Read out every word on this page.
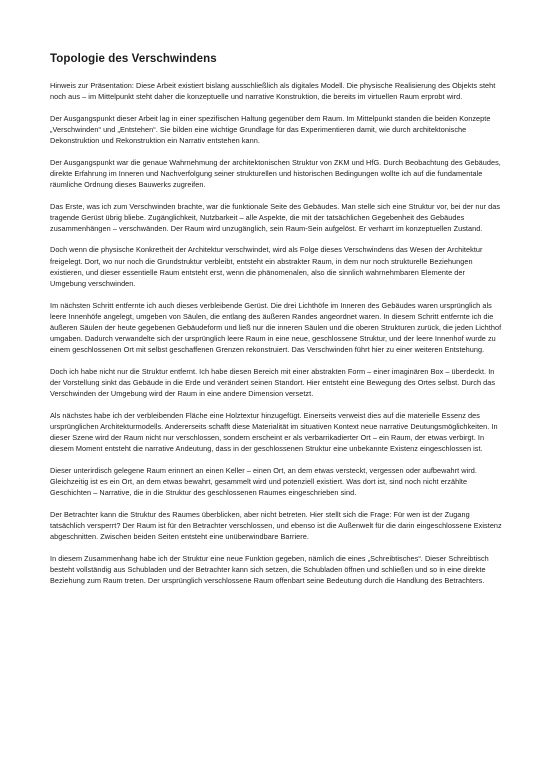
Topologie des Verschwindens

Hinweis zur Präsentation: Diese Arbeit existiert bislang ausschließlich als digitales Modell. Die physische Realisierung des Objekts steht noch aus – im Mittelpunkt steht daher die konzeptuelle und narrative Konstruktion, die bereits im virtuellen Raum erprobt wird.

Der Ausgangspunkt dieser Arbeit lag in einer spezifischen Haltung gegenüber dem Raum. Im Mittelpunkt standen die beiden Konzepte „Verschwinden“ und „Entstehen“. Sie bilden eine wichtige Grundlage für das Experimentieren damit, wie durch architektonische Dekonstruktion und Rekonstruktion ein Narrativ entstehen kann.

Der Ausgangspunkt war die genaue Wahrnehmung der architektonischen Struktur von ZKM und HfG. Durch Beobachtung des Gebäudes, direkte Erfahrung im Inneren und Nachverfolgung seiner strukturellen und historischen Bedingungen wollte ich auf die fundamentale räumliche Ordnung dieses Bauwerks zugreifen.

Das Erste, was ich zum Verschwinden brachte, war die funktionale Seite des Gebäudes. Man stelle sich eine Struktur vor, bei der nur das tragende Gerüst übrig bliebe. Zugänglichkeit, Nutzbarkeit – alle Aspekte, die mit der tatsächlichen Gegebenheit des Gebäudes zusammenhängen – verschwänden. Der Raum wird unzugänglich, sein Raum-Sein aufgelöst. Er verharrt im konzeptuellen Zustand.

Doch wenn die physische Konkretheit der Architektur verschwindet, wird als Folge dieses Verschwindens das Wesen der Architektur freigelegt. Dort, wo nur noch die Grundstruktur verbleibt, entsteht ein abstrakter Raum, in dem nur noch strukturelle Beziehungen existieren, und dieser essentielle Raum entsteht erst, wenn die phänomenalen, also die sinnlich wahrnehmbaren Elemente der Umgebung verschwinden.

Im nächsten Schritt entfernte ich auch dieses verbleibende Gerüst. Die drei Lichthöfe im Inneren des Gebäudes waren ursprünglich als leere Innenhöfe angelegt, umgeben von Säulen, die entlang des äußeren Randes angeordnet waren. In diesem Schritt entfernte ich die äußeren Säulen der heute gegebenen Gebäudeform und ließ nur die inneren Säulen und die oberen Strukturen zurück, die jeden Lichthof umgaben. Dadurch verwandelte sich der ursprünglich leere Raum in eine neue, geschlossene Struktur, und der leere Innenhof wurde zu einem geschlossenen Ort mit selbst geschaffenen Grenzen rekonstruiert. Das Verschwinden führt hier zu einer weiteren Entstehung.

Doch ich habe nicht nur die Struktur entfernt. Ich habe diesen Bereich mit einer abstrakten Form – einer imaginären Box – überdeckt. In der Vorstellung sinkt das Gebäude in die Erde und verändert seinen Standort. Hier entsteht eine Bewegung des Ortes selbst. Durch das Verschwinden der Umgebung wird der Raum in eine andere Dimension versetzt.

Als nächstes habe ich der verbleibenden Fläche eine Holztextur hinzugefügt. Einerseits verweist dies auf die materielle Essenz des ursprünglichen Architekturmodells. Andererseits schafft diese Materialität im situativen Kontext neue narrative Deutungsmöglichkeiten. In dieser Szene wird der Raum nicht nur verschlossen, sondern erscheint er als verbarrikadierter Ort – ein Raum, der etwas verbirgt. In diesem Moment entsteht die narrative Andeutung, dass in der geschlossenen Struktur eine unbekannte Existenz eingeschlossen ist.

Dieser unterirdisch gelegene Raum erinnert an einen Keller – einen Ort, an dem etwas versteckt, vergessen oder aufbewahrt wird. Gleichzeitig ist es ein Ort, an dem etwas bewahrt, gesammelt wird und potenziell existiert. Was dort ist, sind noch nicht erzählte Geschichten – Narrative, die in die Struktur des geschlossenen Raumes eingeschrieben sind.

Der Betrachter kann die Struktur des Raumes überblicken, aber nicht betreten. Hier stellt sich die Frage: Für wen ist der Zugang tatsächlich versperrt? Der Raum ist für den Betrachter verschlossen, und ebenso ist die Außenwelt für die darin eingeschlossene Existenz abgeschnitten. Zwischen beiden Seiten entsteht eine unüberwindbare Barriere.

In diesem Zusammenhang habe ich der Struktur eine neue Funktion gegeben, nämlich die eines „Schreibtisches“. Dieser Schreibtisch besteht vollständig aus Schubladen und der Betrachter kann sich setzen, die Schubladen öffnen und schließen und so in eine direkte Beziehung zum Raum treten. Der ursprünglich verschlossene Raum offenbart seine Bedeutung durch die Handlung des Betrachters.
